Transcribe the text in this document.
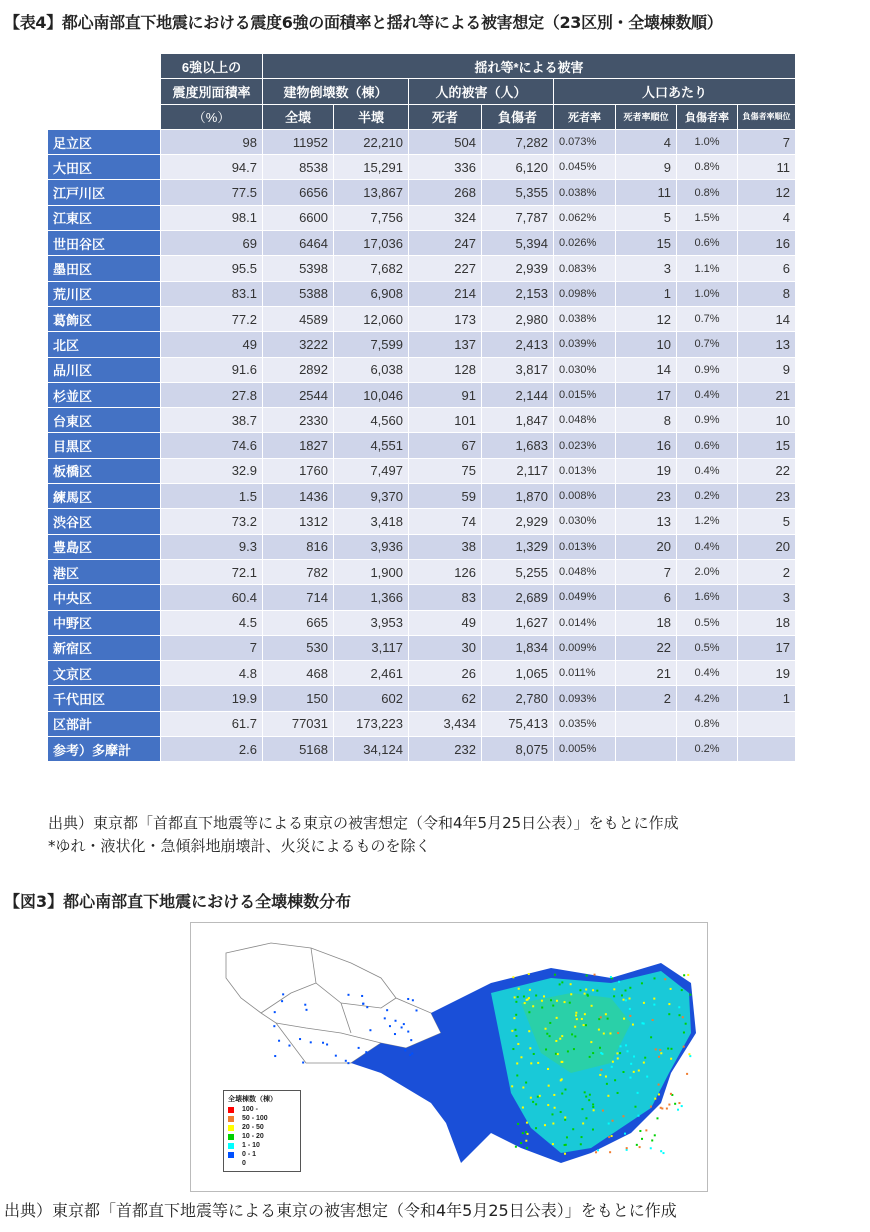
【表4】都心南部直下地震における震度6強の面積率と揺れ等による被害想定（23区別・全壊棟数順）
	6強以上の	揺れ等*による被害							
	震度別面積率	建物倒壊数（棟）		人的被害（人）		人口あたり			
	（%）	全壊	半壊	死者	負傷者	死者率	死者率順位	負傷者率	負傷者率順位
足立区	98	11952	22,210	504	7,282	0.073%	4	1.0%	7
大田区	94.7	8538	15,291	336	6,120	0.045%	9	0.8%	11
江戸川区	77.5	6656	13,867	268	5,355	0.038%	11	0.8%	12
江東区	98.1	6600	7,756	324	7,787	0.062%	5	1.5%	4
世田谷区	69	6464	17,036	247	5,394	0.026%	15	0.6%	16
墨田区	95.5	5398	7,682	227	2,939	0.083%	3	1.1%	6
荒川区	83.1	5388	6,908	214	2,153	0.098%	1	1.0%	8
葛飾区	77.2	4589	12,060	173	2,980	0.038%	12	0.7%	14
北区	49	3222	7,599	137	2,413	0.039%	10	0.7%	13
品川区	91.6	2892	6,038	128	3,817	0.030%	14	0.9%	9
杉並区	27.8	2544	10,046	91	2,144	0.015%	17	0.4%	21
台東区	38.7	2330	4,560	101	1,847	0.048%	8	0.9%	10
目黒区	74.6	1827	4,551	67	1,683	0.023%	16	0.6%	15
板橋区	32.9	1760	7,497	75	2,117	0.013%	19	0.4%	22
練馬区	1.5	1436	9,370	59	1,870	0.008%	23	0.2%	23
渋谷区	73.2	1312	3,418	74	2,929	0.030%	13	1.2%	5
豊島区	9.3	816	3,936	38	1,329	0.013%	20	0.4%	20
港区	72.1	782	1,900	126	5,255	0.048%	7	2.0%	2
中央区	60.4	714	1,366	83	2,689	0.049%	6	1.6%	3
中野区	4.5	665	3,953	49	1,627	0.014%	18	0.5%	18
新宿区	7	530	3,117	30	1,834	0.009%	22	0.5%	17
文京区	4.8	468	2,461	26	1,065	0.011%	21	0.4%	19
千代田区	19.9	150	602	62	2,780	0.093%	2	4.2%	1
区部計	61.7	77031	173,223	3,434	75,413	0.035%		0.8%	
参考）多摩計	2.6	5168	34,124	232	8,075	0.005%		0.2%	
出典）東京都「首都直下地震等による東京の被害想定（令和4年5月25日公表）」をもとに作成
*ゆれ・液状化・急傾斜地崩壊計、火災によるものを除く
【図3】都心南部直下地震における全壊棟数分布
全壊棟数（棟）
100 -
50 - 100
20 - 50
10 - 20
1 - 10
0 - 1
0
出典）東京都「首都直下地震等による東京の被害想定（令和4年5月25日公表）」をもとに作成
